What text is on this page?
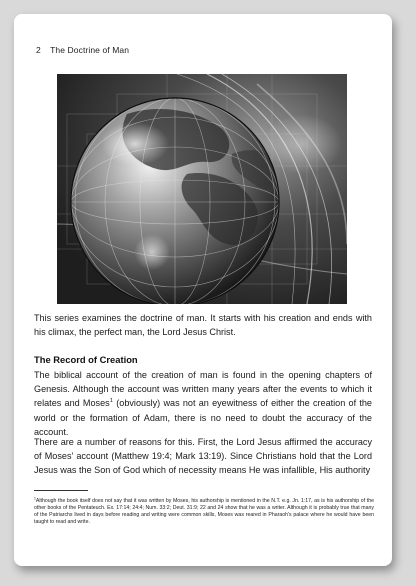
2 The Doctrine of Man
This series examines the doctrine of man. It starts with his creation and ends with his climax, the perfect man, the Lord Jesus Christ.
The Record of Creation
The biblical account of the creation of man is found in the opening chapters of Genesis. Although the account was written many years after the events to which it relates and Moses$^1$ (obviously) was not an eyewitness of either the creation of the world or the formation of Adam, there is no need to doubt the accuracy of the account.
There are a number of reasons for this. First, the Lord Jesus affirmed the accuracy of Moses' account (Matthew 19:4; Mark 13:19). Since Christians hold that the Lord Jesus was the Son of God which of necessity means He was infallible, His authority
$^1$Although the book itself does not say that it was written by Moses, his authorship is mentioned in the N.T. e.g. Jn. 1:17, as is his authorship of the other books of the Pentateuch. Ex. 17:14; 24:4; Num. 33:2; Deut. 31:9; 22 and 24 show that he was a writer. Although it is probably true that many of the Patriarchs lived in days before reading and writing were common skills, Moses was reared in Pharaoh's palace where he would have been taught to read and write.
